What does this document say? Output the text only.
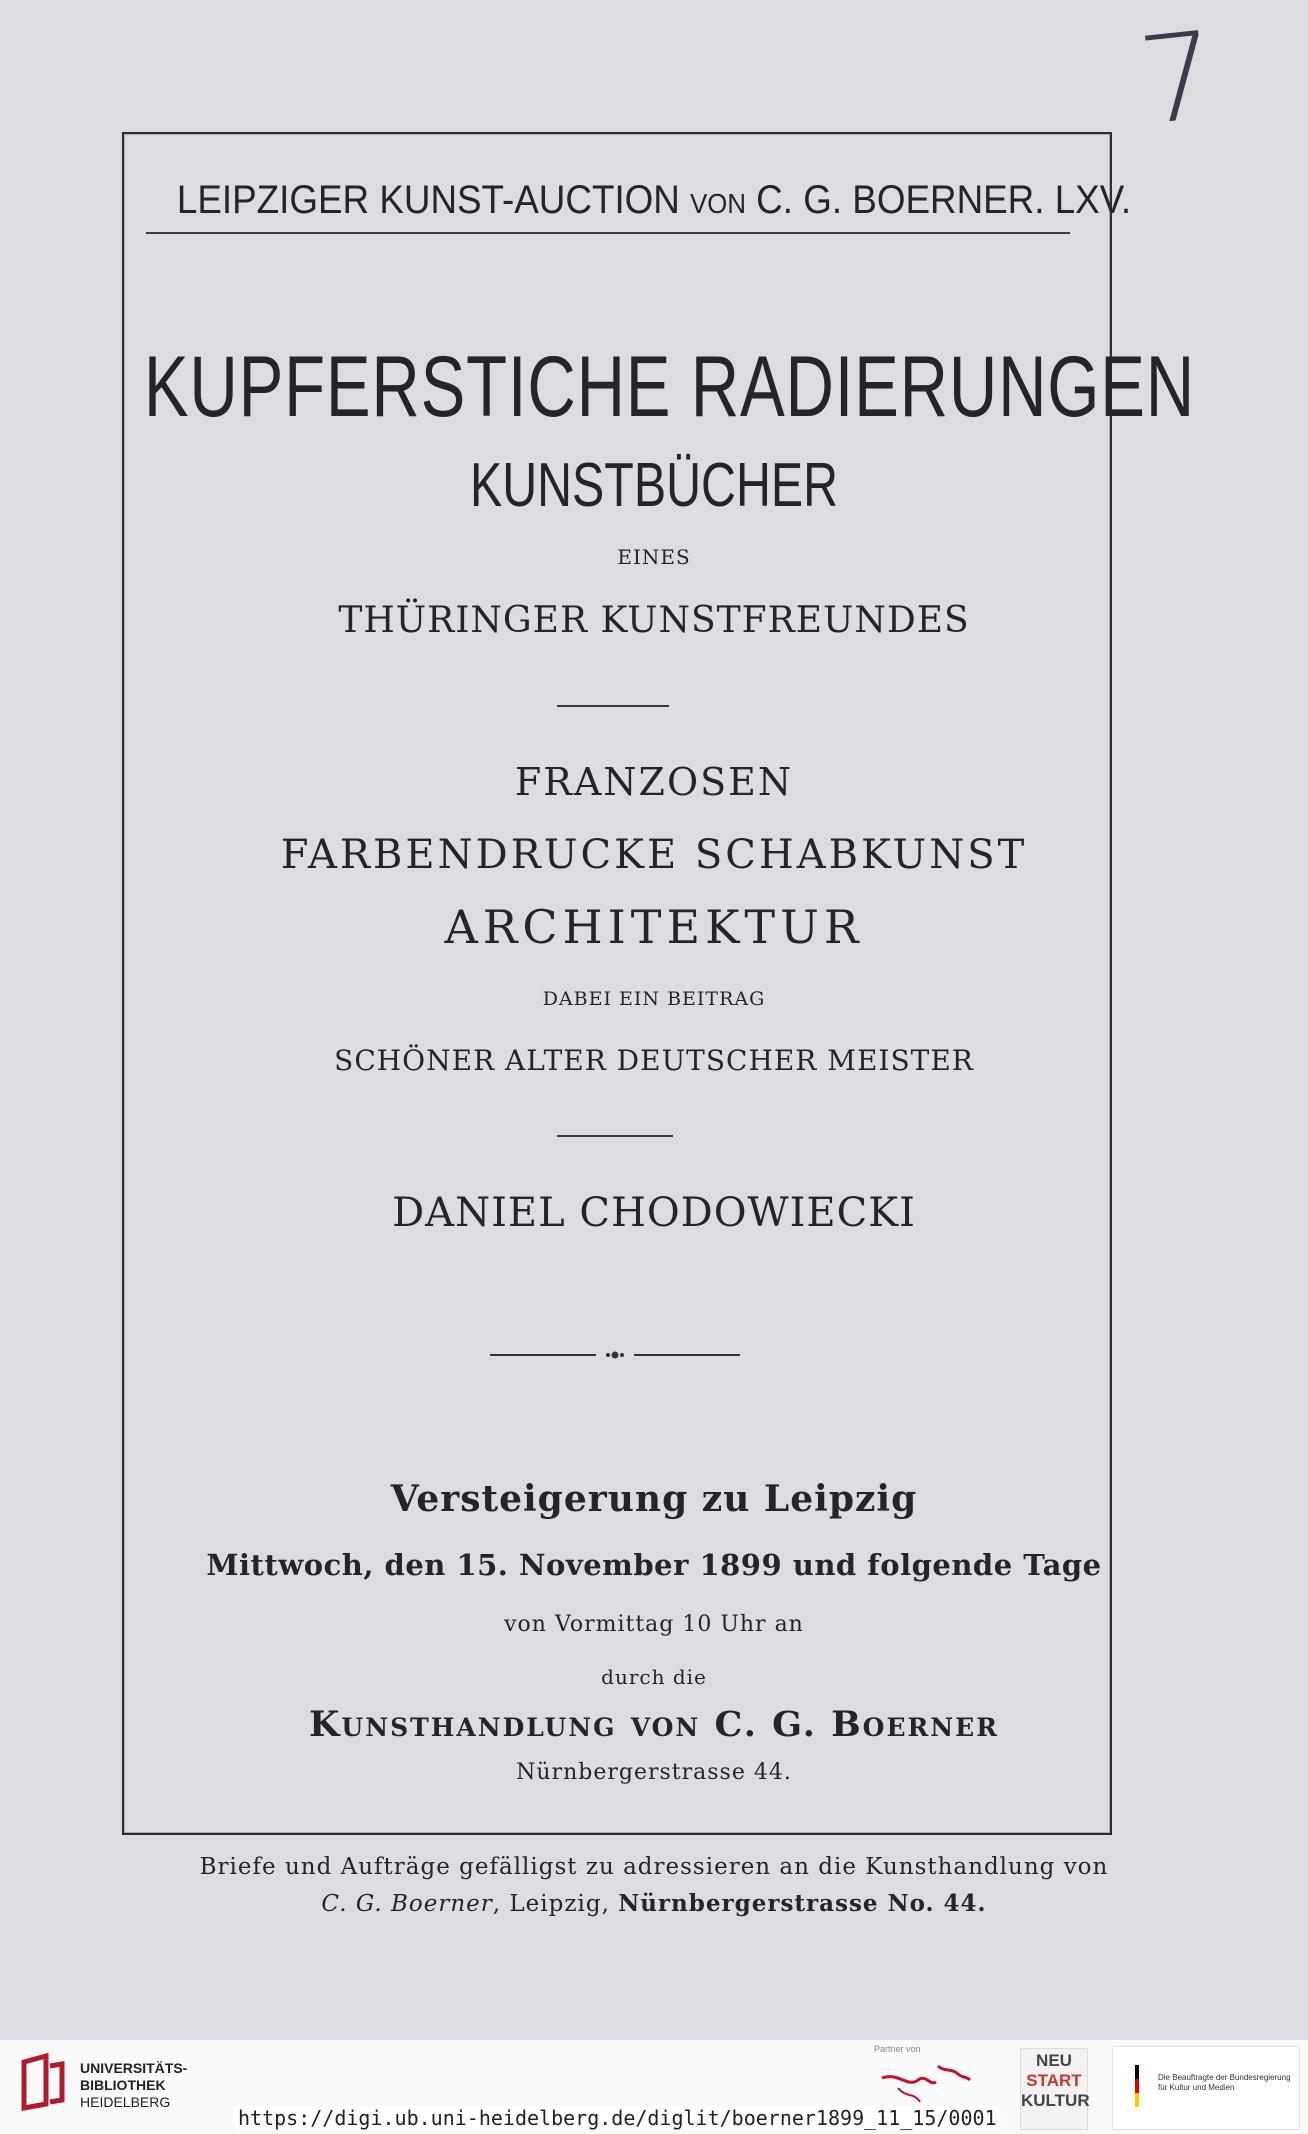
7
LEIPZIGER KUNST-AUCTION VON C. G. BOERNER. LXV.
KUPFERSTICHE RADIERUNGEN
KUNSTBÜCHER
EINES
THÜRINGER KUNSTFREUNDES
FRANZOSEN
FARBENDRUCKE SCHABKUNST
ARCHITEKTUR
DABEI EIN BEITRAG
SCHÖNER ALTER DEUTSCHER MEISTER
DANIEL CHODOWIECKI
Versteigerung zu Leipzig
Mittwoch, den 15. November 1899 und folgende Tage
von Vormittag 10 Uhr an
durch die
Kunsthandlung von C. G. Boerner
Nürnbergerstrasse 44.
Briefe und Aufträge gefälligst zu adressieren an die Kunsthandlung von
C. G. Boerner, Leipzig, Nürnbergerstrasse No. 44.
UNIVERSITÄTS-
BIBLIOTHEK
HEIDELBERG
Partner von
NEU
START
KULTUR
Die Beauftragte der Bundesregierung
für Kultur und Medien
https://digi.ub.uni-heidelberg.de/diglit/boerner1899_11_15/0001
